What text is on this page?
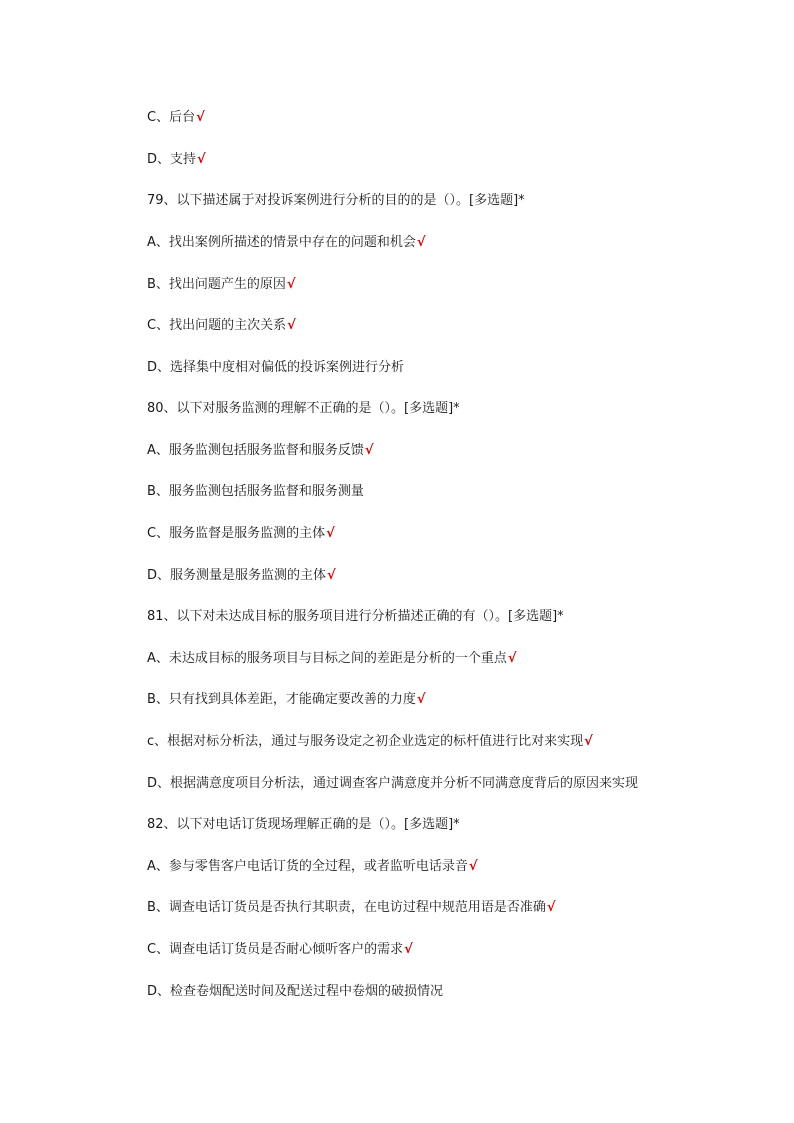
C、后台√
D、支持√
79、以下描述属于对投诉案例进行分析的目的的是（）。[多选题]*
A、找出案例所描述的情景中存在的问题和机会√
B、找出问题产生的原因√
C、找出问题的主次关系√
D、选择集中度相对偏低的投诉案例进行分析
80、以下对服务监测的理解不正确的是（）。[多选题]*
A、服务监测包括服务监督和服务反馈√
B、服务监测包括服务监督和服务测量
C、服务监督是服务监测的主体√
D、服务测量是服务监测的主体√
81、以下对未达成目标的服务项目进行分析描述正确的有（）。[多选题]*
A、未达成目标的服务项目与目标之间的差距是分析的一个重点√
B、只有找到具体差距，才能确定要改善的力度√
c、根据对标分析法，通过与服务设定之初企业选定的标杆值进行比对来实现√
D、根据满意度项目分析法，通过调查客户满意度并分析不同满意度背后的原因来实现
82、以下对电话订货现场理解正确的是（）。[多选题]*
A、参与零售客户电话订货的全过程，或者监听电话录音√
B、调查电话订货员是否执行其职责，在电访过程中规范用语是否准确√
C、调查电话订货员是否耐心倾听客户的需求√
D、检查卷烟配送时间及配送过程中卷烟的破损情况
